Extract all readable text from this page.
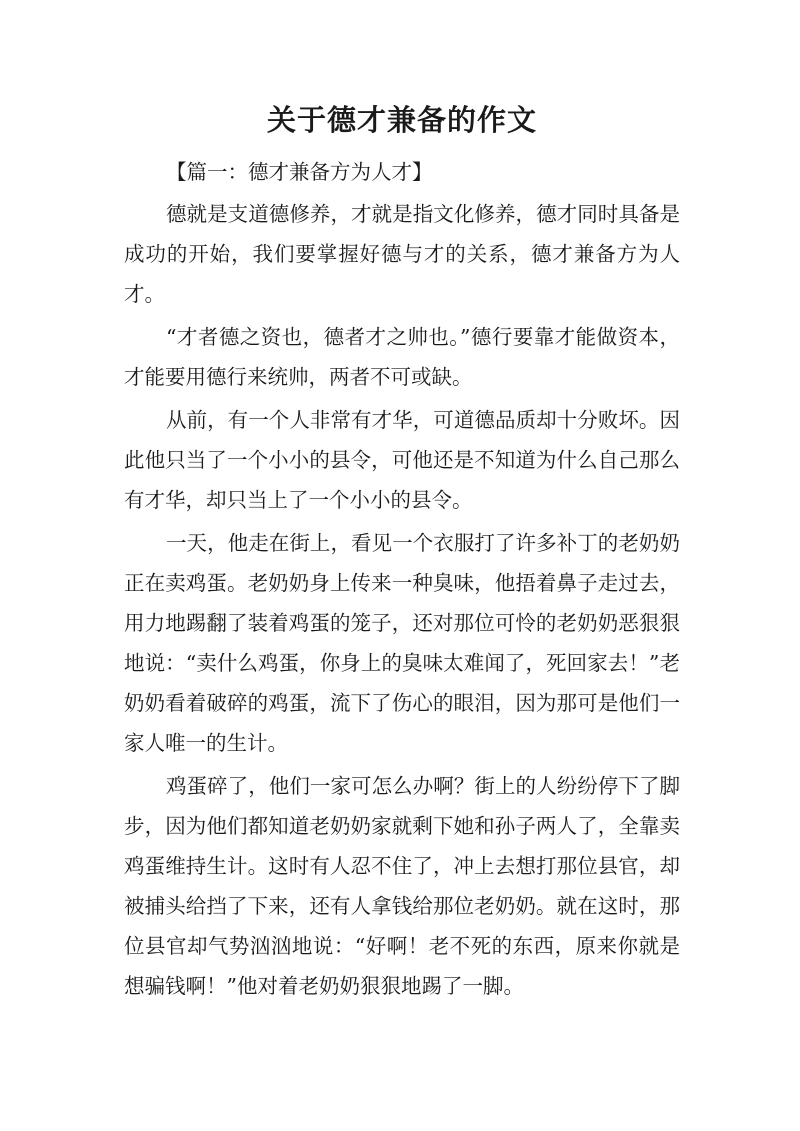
关于德才兼备的作文
【篇一：德才兼备方为人才】

德就是支道德修养，才就是指文化修养，德才同时具备是成功的开始，我们要掌握好德与才的关系，德才兼备方为人才。

“才者德之资也，德者才之帅也。”德行要靠才能做资本，才能要用德行来统帅，两者不可或缺。

从前，有一个人非常有才华，可道德品质却十分败坏。因此他只当了一个小小的县令，可他还是不知道为什么自己那么有才华，却只当上了一个小小的县令。

一天，他走在街上，看见一个衣服打了许多补丁的老奶奶正在卖鸡蛋。老奶奶身上传来一种臭味，他捂着鼻子走过去，用力地踢翻了装着鸡蛋的笼子，还对那位可怜的老奶奶恶狠狠地说：“卖什么鸡蛋，你身上的臭味太难闻了，死回家去！”老奶奶看着破碎的鸡蛋，流下了伤心的眼泪，因为那可是他们一家人唯一的生计。

鸡蛋碎了，他们一家可怎么办啊？街上的人纷纷停下了脚步，因为他们都知道老奶奶家就剩下她和孙子两人了，全靠卖鸡蛋维持生计。这时有人忍不住了，冲上去想打那位县官，却被捕头给挡了下来，还有人拿钱给那位老奶奶。就在这时，那位县官却气势汹汹地说：“好啊！老不死的东西，原来你就是想骗钱啊！”他对着老奶奶狠狠地踢了一脚。
